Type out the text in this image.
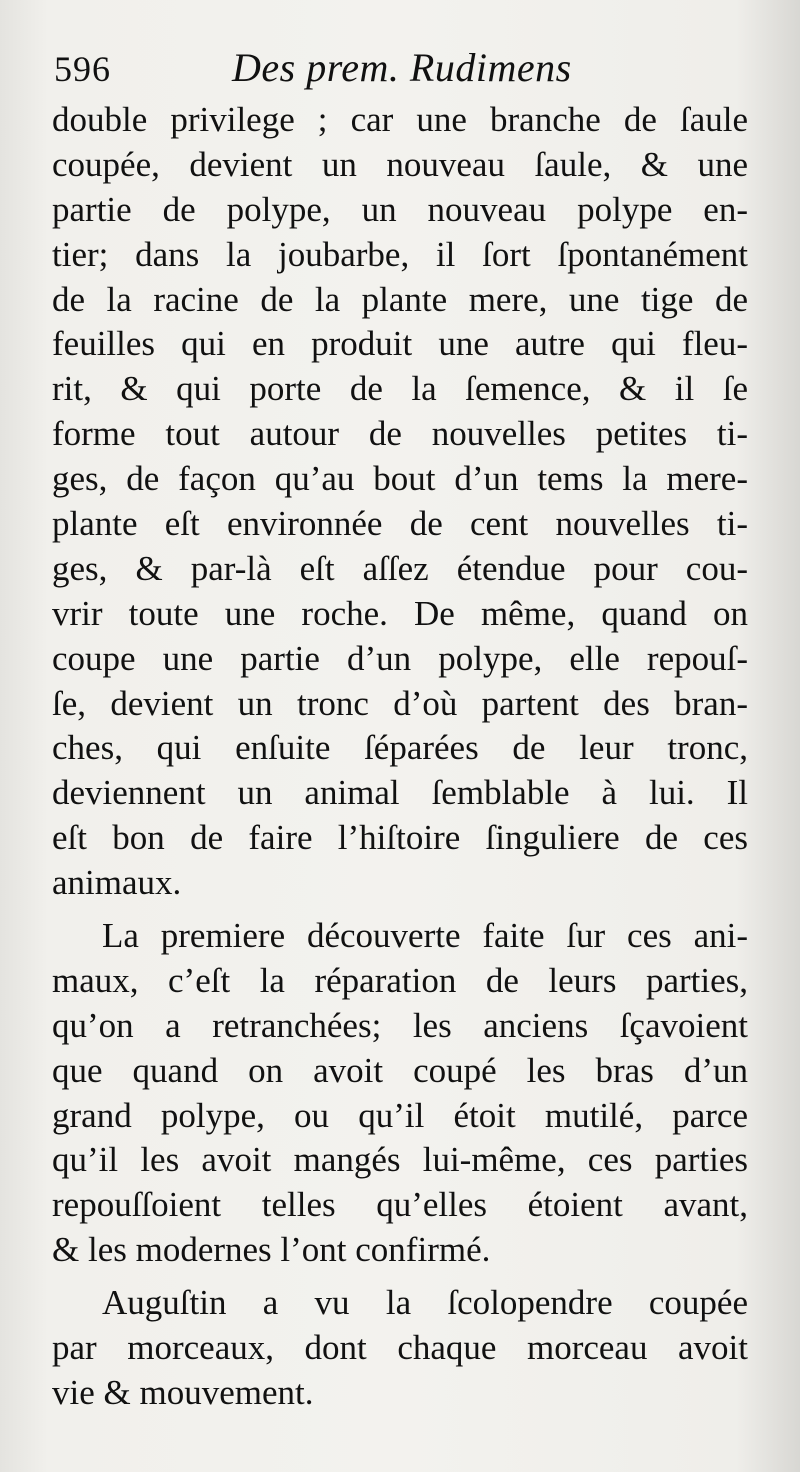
596	Des prem. Rudimens
double privilege ; car une branche de ſaule
coupée, devient un nouveau ſaule, & une
partie de polype, un nouveau polype en-
tier; dans la joubarbe, il ſort ſpontanément
de la racine de la plante mere, une tige de
feuilles qui en produit une autre qui fleu-
rit, & qui porte de la ſemence, & il ſe
forme tout autour de nouvelles petites ti-
ges, de façon qu’au bout d’un tems la mere-
plante eſt environnée de cent nouvelles ti-
ges, & par-là eſt aſſez étendue pour cou-
vrir toute une roche. De même, quand on
coupe une partie d’un polype, elle repouſ-
ſe, devient un tronc d’où partent des bran-
ches, qui enſuite ſéparées de leur tronc,
deviennent un animal ſemblable à lui. Il
eſt bon de faire l’hiſtoire ſinguliere de ces
animaux.
La premiere découverte faite ſur ces ani-
maux, c’eſt la réparation de leurs parties,
qu’on a retranchées; les anciens ſçavoient
que quand on avoit coupé les bras d’un
grand polype, ou qu’il étoit mutilé, parce
qu’il les avoit mangés lui-même, ces parties
repouſſoient telles qu’elles étoient avant,
& les modernes l’ont confirmé.
Auguſtin a vu la ſcolopendre coupée
par morceaux, dont chaque morceau avoit
vie & mouvement.
